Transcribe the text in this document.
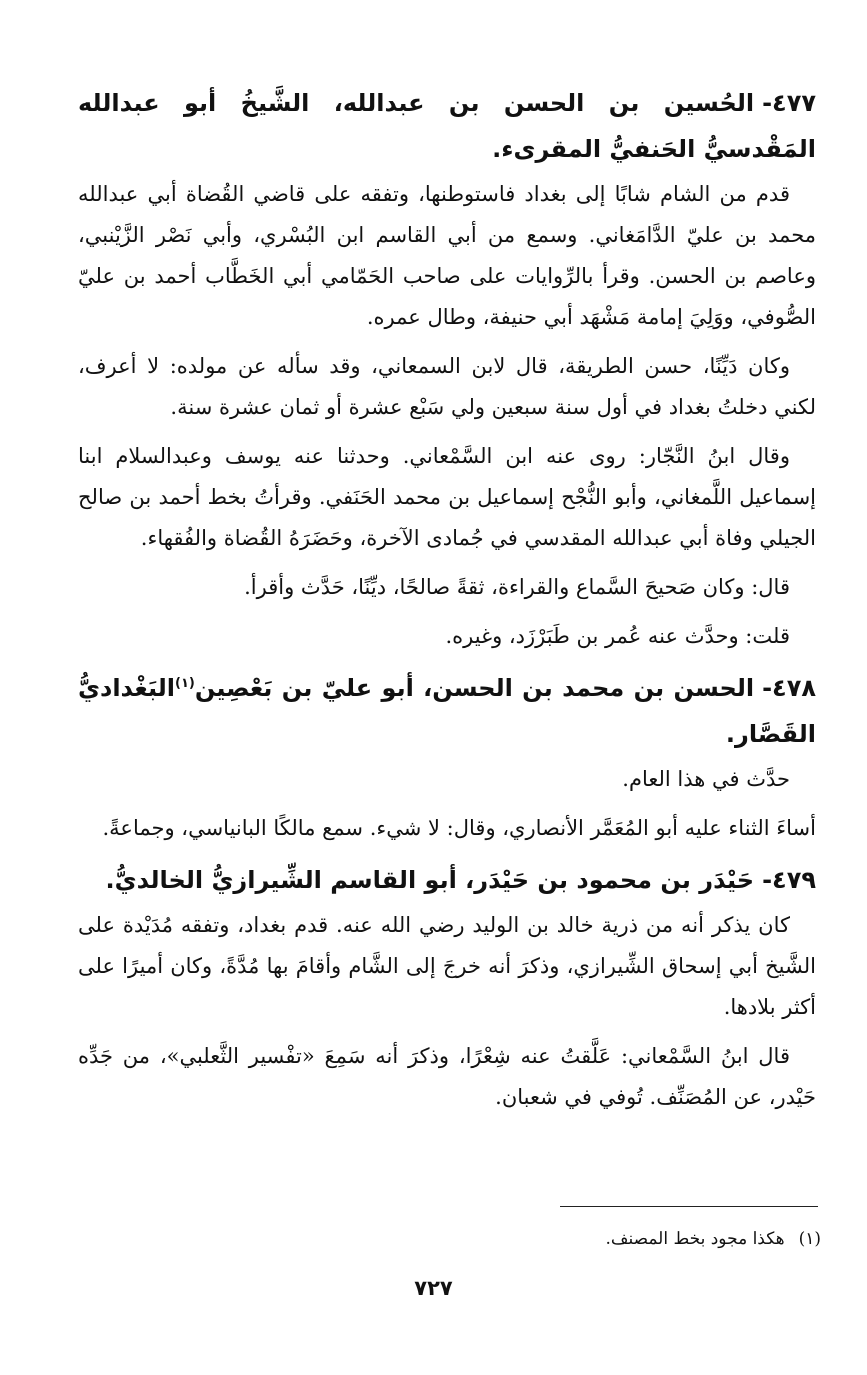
٤٧٧-الحُسين بن الحسن بن عبدالله، الشَّيخُ أبو عبدالله المَقْدسيُّ الحَنفيُّ المقرىء.

قدم من الشام شابًا إلى بغداد فاستوطنها، وتفقه على قاضي القُضاة أبي عبدالله محمد بن عليّ الدَّامَغاني. وسمع من أبي القاسم ابن البُسْري، وأبي نَصْر الزَّيْنبي، وعاصم بن الحسن. وقرأ بالرِّوايات على صاحب الحَمّامي أبي الخَطَّاب أحمد بن عليّ الصُّوفي، ووَلِيَ إمامة مَشْهَد أبي حنيفة، وطال عمره.

وكان دَيِّنًا، حسن الطريقة، قال لابن السمعاني، وقد سأله عن مولده: لا أعرف، لكني دخلتُ بغداد في أول سنة سبعين ولي سَبْع عشرة أو ثمان عشرة سنة.

وقال ابنُ النَّجّار: روى عنه ابن السَّمْعاني. وحدثنا عنه يوسف وعبدالسلام ابنا إسماعيل اللَّمغاني، وأبو النُّجْح إسماعيل بن محمد الحَنَفي. وقرأتُ بخط أحمد بن صالح الجيلي وفاة أبي عبدالله المقدسي في جُمادى الآخرة، وحَضَرَهُ القُضاة والفُقهاء.

قال: وكان صَحيحَ السَّماع والقراءة، ثقةً صالحًا، ديِّنًا، حَدَّث وأقرأ.

قلت: وحدَّث عنه عُمر بن طَبَرْزَد، وغيره.

٤٧٨-الحسن بن محمد بن الحسن، أبو عليّ بن بَعْصِين$^{(١)}$البَغْداديُّ القَصَّار.

حدَّث في هذا العام.

أساءَ الثناء عليه أبو المُعَمَّر الأنصاري، وقال: لا شيء. سمع مالكًا البانياسي، وجماعةً.

٤٧٩-حَيْدَر بن محمود بن حَيْدَر، أبو القاسم الشِّيرازيُّ الخالديُّ.

كان يذكر أنه من ذرية خالد بن الوليد رضي الله عنه. قدم بغداد، وتفقه مُدَيْدة على الشَّيخ أبي إسحاق الشِّيرازي، وذكرَ أنه خرجَ إلى الشَّام وأقامَ بها مُدَّةً، وكان أميرًا على أكثر بلادها.

قال ابنُ السَّمْعاني: عَلَّقتُ عنه شِعْرًا، وذكرَ أنه سَمِعَ «تفْسير الثَّعلبي»، من جَدِّه حَيْدر، عن المُصَنِّف. تُوفي في شعبان.

(١)هكذا مجود بخط المصنف.
٧٢٧
